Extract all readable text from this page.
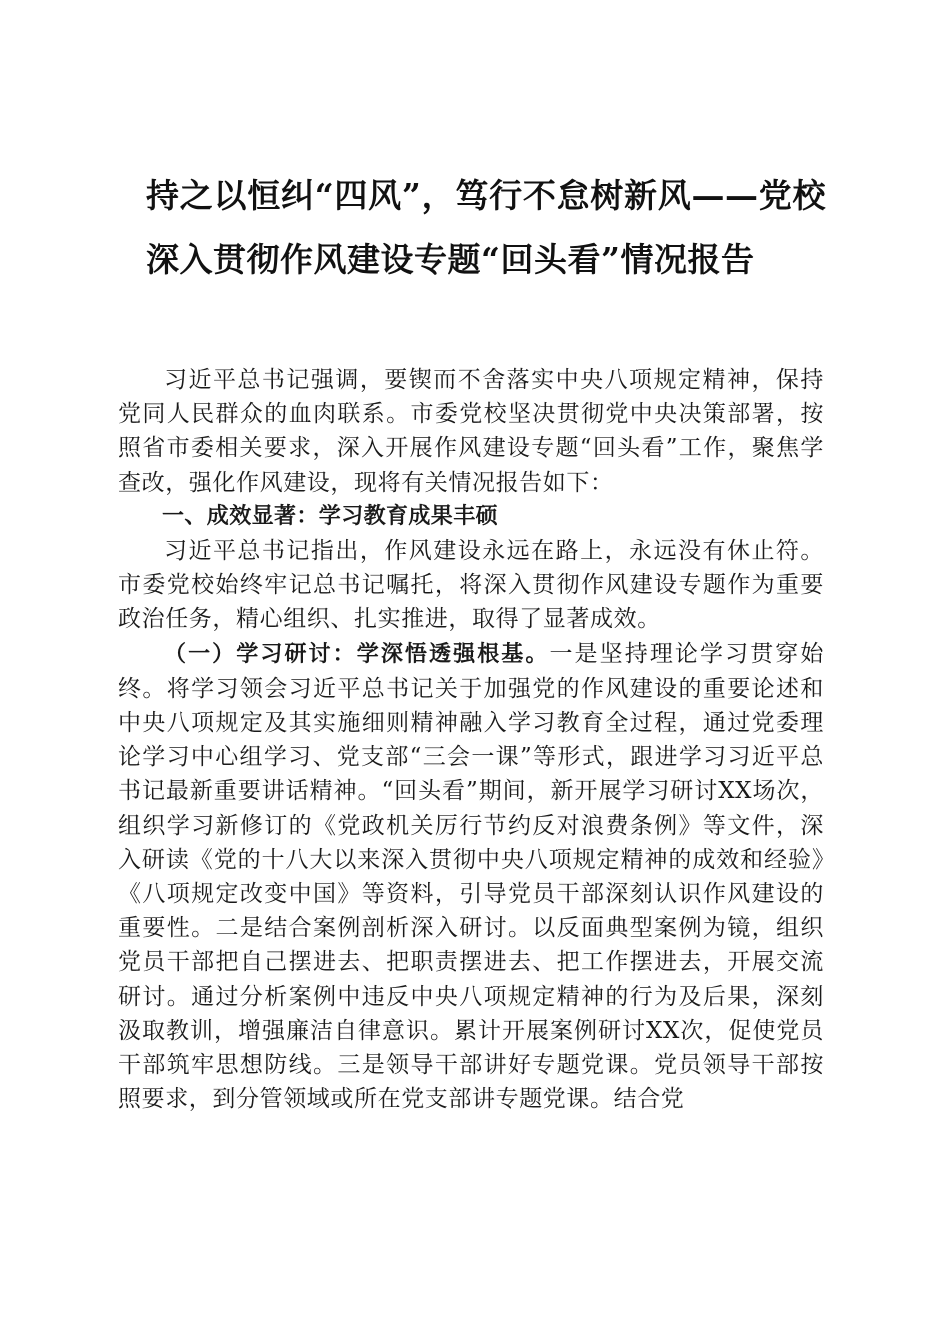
持之以恒纠“四风”，笃行不怠树新风——党校深入贯彻作风建设专题“回头看”情况报告

习近平总书记强调，要锲而不舍落实中央八项规定精神，保持党同人民群众的血肉联系。市委党校坚决贯彻党中央决策部署，按照省市委相关要求，深入开展作风建设专题“回头看”工作，聚焦学查改，强化作风建设，现将有关情况报告如下：

一、成效显著：学习教育成果丰硕

习近平总书记指出，作风建设永远在路上，永远没有休止符。市委党校始终牢记总书记嘱托，将深入贯彻作风建设专题作为重要政治任务，精心组织、扎实推进，取得了显著成效。

（一）学习研讨：学深悟透强根基。一是坚持理论学习贯穿始终。将学习领会习近平总书记关于加强党的作风建设的重要论述和中央八项规定及其实施细则精神融入学习教育全过程，通过党委理论学习中心组学习、党支部“三会一课”等形式，跟进学习习近平总书记最新重要讲话精神。“回头看”期间，新开展学习研讨XX场次，组织学习新修订的《党政机关厉行节约反对浪费条例》等文件，深入研读《党的十八大以来深入贯彻中央八项规定精神的成效和经验》《八项规定改变中国》等资料，引导党员干部深刻认识作风建设的重要性。二是结合案例剖析深入研讨。以反面典型案例为镜，组织党员干部把自己摆进去、把职责摆进去、把工作摆进去，开展交流研讨。通过分析案例中违反中央八项规定精神的行为及后果，深刻汲取教训，增强廉洁自律意识。累计开展案例研讨XX次，促使党员干部筑牢思想防线。三是领导干部讲好专题党课。党员领导干部按照要求，到分管领域或所在党支部讲专题党课。结合党
